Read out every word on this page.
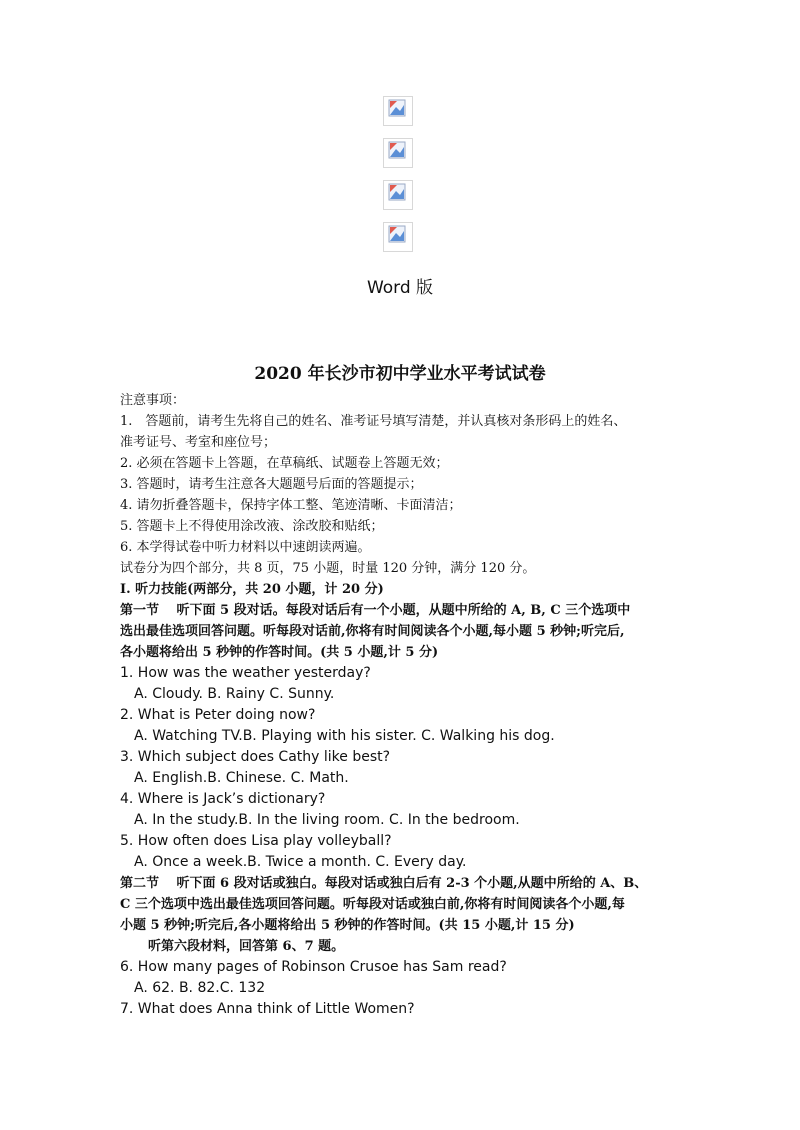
Word 版
2020 年长沙市初中学业水平考试试卷
注意事项：
1.　答题前，请考生先将自己的姓名、准考证号填写清楚，并认真核对条形码上的姓名、
准考证号、考室和座位号；
2. 必须在答题卡上答题，在草稿纸、试题卷上答题无效；
3. 答题时，请考生注意各大题题号后面的答题提示；
4. 请勿折叠答题卡，保持字体工整、笔迹清晰、卡面清洁；
5. 答题卡上不得使用涂改液、涂改胶和贴纸；
6. 本学得试卷中听力材料以中速朗读两遍。
试卷分为四个部分，共 8 页，75 小题，时量 120 分钟，满分 120 分。
I. 听力技能(两部分，共 20 小题，计 20 分)
第一节　 听下面 5 段对话。每段对话后有一个小题，从题中所给的 A, B, C 三个选项中
选出最佳选项回答问题。听每段对话前,你将有时间阅读各个小题,每小题 5 秒钟;听完后,
各小题将给出 5 秒钟的作答时间。(共 5 小题,计 5 分)
1. How was the weather yesterday?
A. Cloudy. B. Rainy C. Sunny.
2. What is Peter doing now?
A. Watching TV.B. Playing with his sister. C. Walking his dog.
3. Which subject does Cathy like best?
A. English.B. Chinese. C. Math.
4. Where is Jack’s dictionary?
A. In the study.B. In the living room. C. In the bedroom.
5. How often does Lisa play volleyball?
A. Once a week.B. Twice a month. C. Every day.
第二节　 听下面 6 段对话或独白。每段对话或独白后有 2-3 个小题,从题中所给的 A、B、
C 三个选项中选出最佳选项回答问题。听每段对话或独白前,你将有时间阅读各个小题,每
小题 5 秒钟;听完后,各小题将给出 5 秒钟的作答时间。(共 15 小题,计 15 分)
听第六段材料，回答第 6、7 题。
6. How many pages of Robinson Crusoe has Sam read?
A. 62. B. 82.C. 132
7. What does Anna think of Little Women?
